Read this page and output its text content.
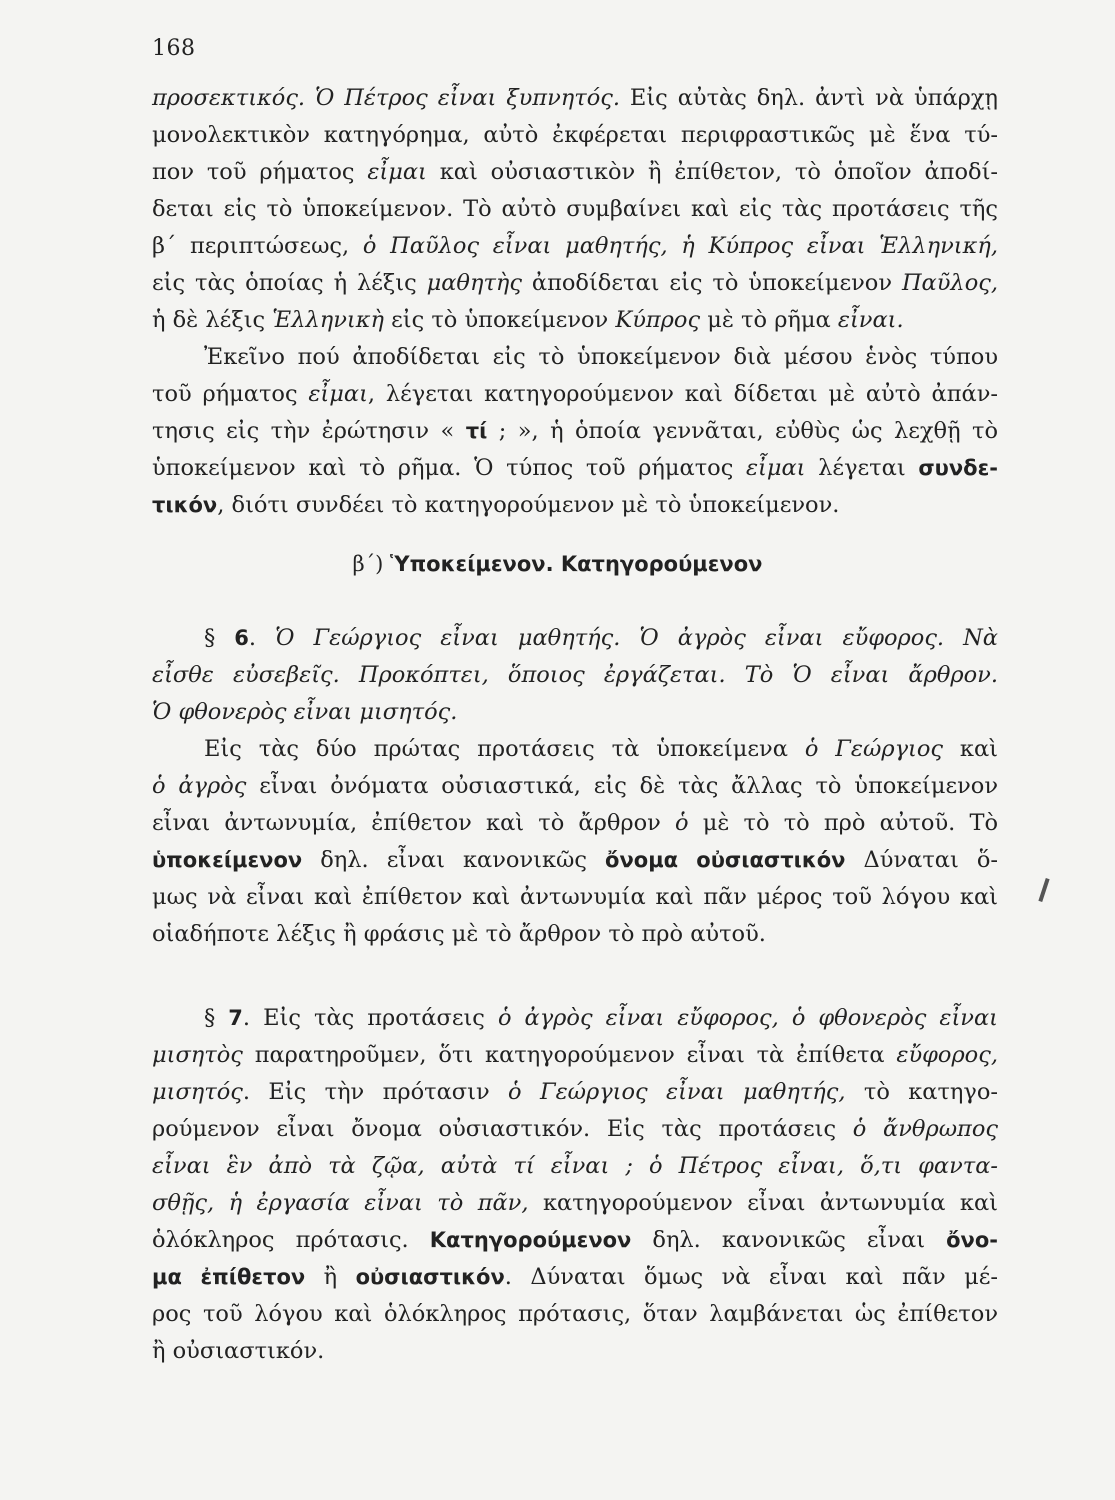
168
προσεκτικός. Ὁ Πέτρος εἶναι ξυπνητός. Εἰς αὐτὰς δηλ. ἀντὶ νὰ ὑπάρχῃ
μονολεκτικὸν κατηγόρημα, αὐτὸ ἐκφέρεται περιφραστικῶς μὲ ἕνα τύ-
πον τοῦ ρήματος εἶμαι καὶ οὐσιαστικὸν ἢ ἐπίθετον, τὸ ὁποῖον ἀποδί-
δεται εἰς τὸ ὑποκείμενον. Τὸ αὐτὸ συμβαίνει καὶ εἰς τὰς προτάσεις τῆς
β΄ περιπτώσεως, ὁ Παῦλος εἶναι μαθητής, ἡ Κύπρος εἶναι Ἑλληνική,
εἰς τὰς ὁποίας ἡ λέξις μαθητὴς ἀποδίδεται εἰς τὸ ὑποκείμενον Παῦλος,
ἡ δὲ λέξις Ἑλληνικὴ εἰς τὸ ὑποκείμενον Κύπρος μὲ τὸ ρῆμα εἶναι.
Ἐκεῖνο πού ἀποδίδεται εἰς τὸ ὑποκείμενον διὰ μέσου ἑνὸς τύπου
τοῦ ρήματος εἶμαι, λέγεται κατηγορούμενον καὶ δίδεται μὲ αὐτὸ ἀπάν-
τησις εἰς τὴν ἐρώτησιν « τί ; », ἡ ὁποία γεννᾶται, εὐθὺς ὡς λεχθῇ τὸ
ὑποκείμενον καὶ τὸ ρῆμα. Ὁ τύπος τοῦ ρήματος εἶμαι λέγεται συνδε-
τικόν, διότι συνδέει τὸ κατηγορούμενον μὲ τὸ ὑποκείμενον.
β΄) Ὑποκείμενον. Κατηγορούμενον
§ 6. Ὁ Γεώργιος εἶναι μαθητής. Ὁ ἀγρὸς εἶναι εὔφορος. Νὰ
εἶσθε εὐσεβεῖς. Προκόπτει, ὅποιος ἐργάζεται. Τὸ Ὁ εἶναι ἄρθρον.
Ὁ φθονερὸς εἶναι μισητός.
Εἰς τὰς δύο πρώτας προτάσεις τὰ ὑποκείμενα ὁ Γεώργιος καὶ
ὁ ἀγρὸς εἶναι ὀνόματα οὐσιαστικά, εἰς δὲ τὰς ἄλλας τὸ ὑποκείμενον
εἶναι ἀντωνυμία, ἐπίθετον καὶ τὸ ἄρθρον ὁ μὲ τὸ τὸ πρὸ αὐτοῦ. Τὸ
ὑποκείμενον δηλ. εἶναι κανονικῶς ὄνομα οὐσιαστικόν Δύναται ὅ-
μως νὰ εἶναι καὶ ἐπίθετον καὶ ἀντωνυμία καὶ πᾶν μέρος τοῦ λόγου καὶ
οἱαδήποτε λέξις ἢ φράσις μὲ τὸ ἄρθρον τὸ πρὸ αὐτοῦ.
§ 7. Εἰς τὰς προτάσεις ὁ ἀγρὸς εἶναι εὔφορος, ὁ φθονερὸς εἶναι
μισητὸς παρατηροῦμεν, ὅτι κατηγορούμενον εἶναι τὰ ἐπίθετα εὔφορος,
μισητός. Εἰς τὴν πρότασιν ὁ Γεώργιος εἶναι μαθητής, τὸ κατηγο-
ρούμενον εἶναι ὄνομα οὐσιαστικόν. Εἰς τὰς προτάσεις ὁ ἄνθρωπος
εἶναι ἓν ἀπὸ τὰ ζῷα, αὐτὰ τί εἶναι ; ὁ Πέτρος εἶναι, ὅ,τι φαντα-
σθῇς, ἡ ἐργασία εἶναι τὸ πᾶν, κατηγορούμενον εἶναι ἀντωνυμία καὶ
ὁλόκληρος πρότασις. Κατηγορούμενον δηλ. κανονικῶς εἶναι ὄνο-
μα ἐπίθετον ἢ οὐσιαστικόν. Δύναται ὅμως νὰ εἶναι καὶ πᾶν μέ-
ρος τοῦ λόγου καὶ ὁλόκληρος πρότασις, ὅταν λαμβάνεται ὡς ἐπίθετον
ἢ οὐσιαστικόν.
